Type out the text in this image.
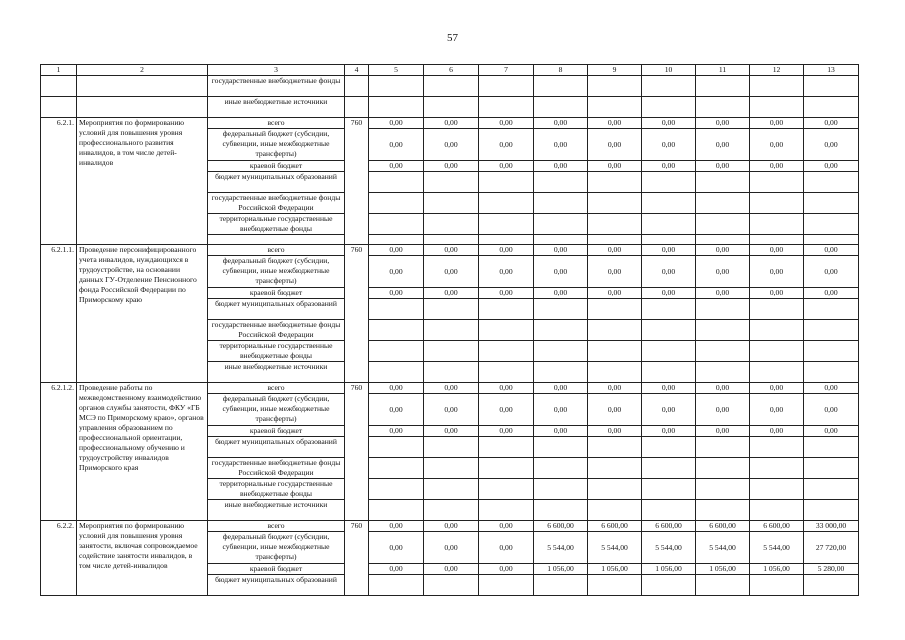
57
1	2	3	4	5	6	7	8	9	10	11	12	13
		государственные внебюджетные фонды										
		иные внебюджетные источники										
6.2.1.	Мероприятия по формированию условий для повышения уровня профессионального развития инвалидов, в том числе детей-инвалидов	всего	760	0,00	0,00	0,00	0,00	0,00	0,00	0,00	0,00	0,00
		федеральный бюджет (субсидии, субвенции, иные межбюджетные трансферты)		0,00	0,00	0,00	0,00	0,00	0,00	0,00	0,00	0,00
		краевой бюджет		0,00	0,00	0,00	0,00	0,00	0,00	0,00	0,00	0,00
		бюджет муниципальных образований										
		государственные внебюджетные фонды Российской Федерации										
		территориальные государственные внебюджетные фонды										

6.2.1.1.	Проведение персонифицированного учета инвалидов, нуждающихся в трудоустройстве, на основании данных ГУ-Отделение Пенсионного фонда Российской Федерации по Приморскому краю	всего	760	0,00	0,00	0,00	0,00	0,00	0,00	0,00	0,00	0,00
		федеральный бюджет (субсидии, субвенции, иные межбюджетные трансферты)		0,00	0,00	0,00	0,00	0,00	0,00	0,00	0,00	0,00
		краевой бюджет		0,00	0,00	0,00	0,00	0,00	0,00	0,00	0,00	0,00
		бюджет муниципальных образований										
		государственные внебюджетные фонды Российской Федерации										
		территориальные государственные внебюджетные фонды										
		иные внебюджетные источники										
6.2.1.2.	Проведение работы по межведомственному взаимодействию органов службы занятости, ФКУ «ГБ МСЭ по Приморскому краю», органов управления образованием по профессиональной ориентации, профессиональному обучению и трудоустройству инвалидов Приморского края	всего	760	0,00	0,00	0,00	0,00	0,00	0,00	0,00	0,00	0,00
		федеральный бюджет (субсидии, субвенции, иные межбюджетные трансферты)		0,00	0,00	0,00	0,00	0,00	0,00	0,00	0,00	0,00
		краевой бюджет		0,00	0,00	0,00	0,00	0,00	0,00	0,00	0,00	0,00
		бюджет муниципальных образований										
		государственные внебюджетные фонды Российской Федерации										
		территориальные государственные внебюджетные фонды										
		иные внебюджетные источники										
6.2.2.	Мероприятия по формированию условий для повышения уровня занятости, включая сопровождаемое содействие занятости инвалидов, в том числе детей-инвалидов	всего	760	0,00	0,00	0,00	6 600,00	6 600,00	6 600,00	6 600,00	6 600,00	33 000,00
		федеральный бюджет (субсидии, субвенции, иные межбюджетные трансферты)		0,00	0,00	0,00	5 544,00	5 544,00	5 544,00	5 544,00	5 544,00	27 720,00
		краевой бюджет		0,00	0,00	0,00	1 056,00	1 056,00	1 056,00	1 056,00	1 056,00	5 280,00
		бюджет муниципальных образований										
